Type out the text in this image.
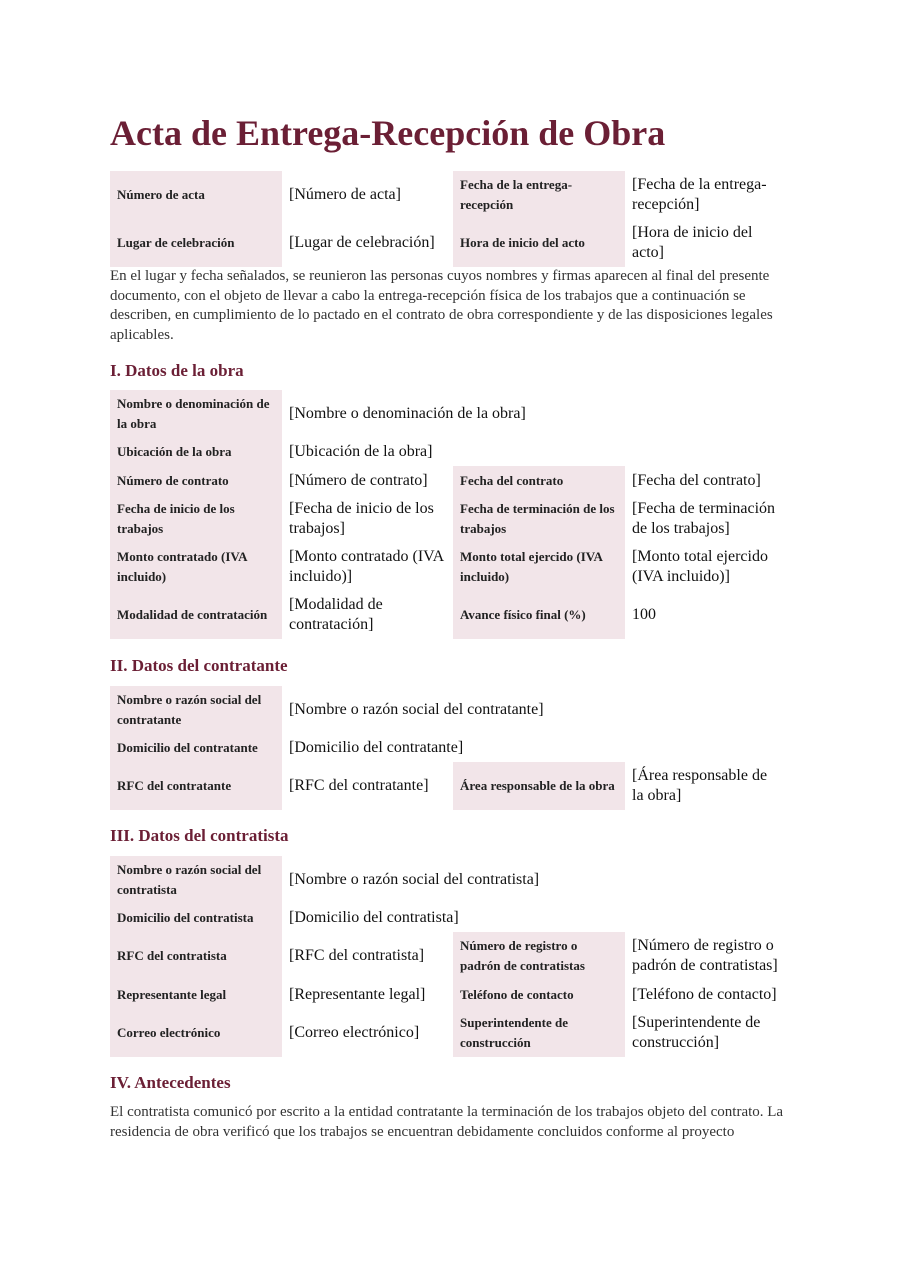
Acta de Entrega-Recepción de Obra
Número de acta	[Número de acta]	Fecha de la entrega-recepción	[Fecha de la entrega-recepción]
Lugar de celebración	[Lugar de celebración]	Hora de inicio del acto	[Hora de inicio del acto]

En el lugar y fecha señalados, se reunieron las personas cuyos nombres y firmas aparecen al final del presente documento, con el objeto de llevar a cabo la entrega-recepción física de los trabajos que a continuación se describen, en cumplimiento de lo pactado en el contrato de obra correspondiente y de las disposiciones legales aplicables.

I. Datos de la obra
Nombre o denominación de la obra	[Nombre o denominación de la obra]		
Ubicación de la obra	[Ubicación de la obra]		
Número de contrato	[Número de contrato]	Fecha del contrato	[Fecha del contrato]
Fecha de inicio de los trabajos	[Fecha de inicio de los trabajos]	Fecha de terminación de los trabajos	[Fecha de terminación de los trabajos]
Monto contratado (IVA incluido)	[Monto contratado (IVA incluido)]	Monto total ejercido (IVA incluido)	[Monto total ejercido (IVA incluido)]
Modalidad de contratación	[Modalidad de contratación]	Avance físico final (%)	100
II. Datos del contratante
Nombre o razón social del contratante	[Nombre o razón social del contratante]		
Domicilio del contratante	[Domicilio del contratante]		
RFC del contratante	[RFC del contratante]	Área responsable de la obra	[Área responsable de la obra]
III. Datos del contratista
Nombre o razón social del contratista	[Nombre o razón social del contratista]		
Domicilio del contratista	[Domicilio del contratista]		
RFC del contratista	[RFC del contratista]	Número de registro o padrón de contratistas	[Número de registro o padrón de contratistas]
Representante legal	[Representante legal]	Teléfono de contacto	[Teléfono de contacto]
Correo electrónico	[Correo electrónico]	Superintendente de construcción	[Superintendente de construcción]
IV. Antecedentes

El contratista comunicó por escrito a la entidad contratante la terminación de los trabajos objeto del contrato. La residencia de obra verificó que los trabajos se encuentran debidamente concluidos conforme al proyecto
